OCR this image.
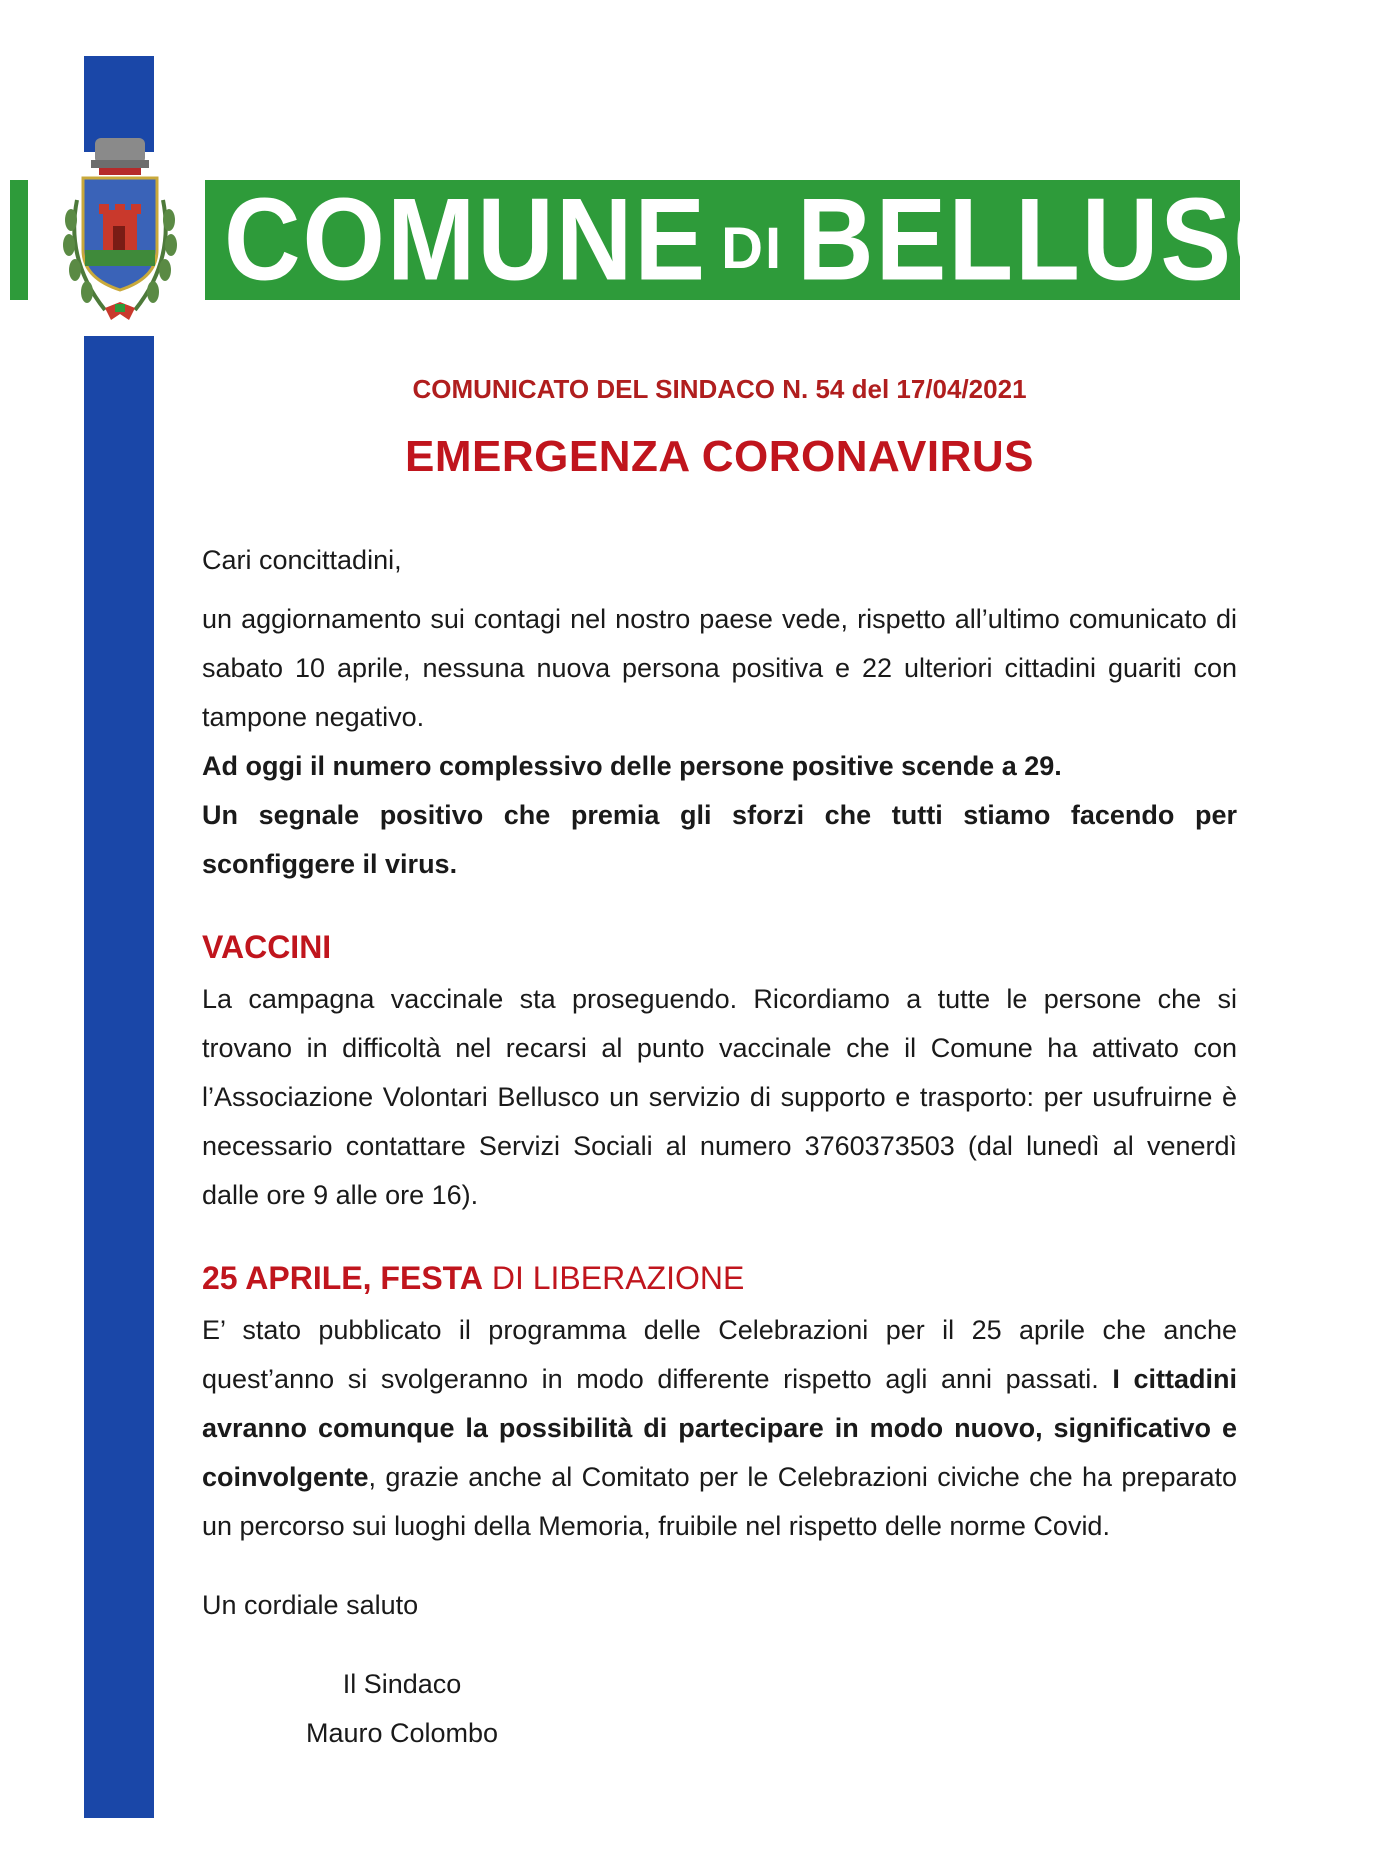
COMUNE DI BELLUSCO
COMUNICATO DEL SINDACO N. 54 del 17/04/2021
EMERGENZA CORONAVIRUS

Cari concittadini,

un aggiornamento sui contagi nel nostro paese vede, rispetto all’ultimo comunicato di sabato 10 aprile, nessuna nuova persona positiva e 22 ulteriori cittadini guariti con tampone negativo.

Ad oggi il numero complessivo delle persone positive scende a 29.

Un segnale positivo che premia gli sforzi che tutti stiamo facendo per sconfiggere il virus.

VACCINI

La campagna vaccinale sta proseguendo. Ricordiamo a tutte le persone che si trovano in difficoltà nel recarsi al punto vaccinale che il Comune ha attivato con l’Associazione Volontari Bellusco un servizio di supporto e trasporto: per usufruirne è necessario contattare Servizi Sociali al numero 3760373503 (dal lunedì al venerdì dalle ore 9 alle ore 16).

25 APRILE, FESTA DI LIBERAZIONE

E’ stato pubblicato il programma delle Celebrazioni per il 25 aprile che anche quest’anno si svolgeranno in modo differente rispetto agli anni passati. I cittadini avranno comunque la possibilità di partecipare in modo nuovo, significativo e coinvolgente, grazie anche al Comitato per le Celebrazioni civiche che ha preparato un percorso sui luoghi della Memoria, fruibile nel rispetto delle norme Covid.

Un cordiale saluto

Il Sindaco

Mauro Colombo
